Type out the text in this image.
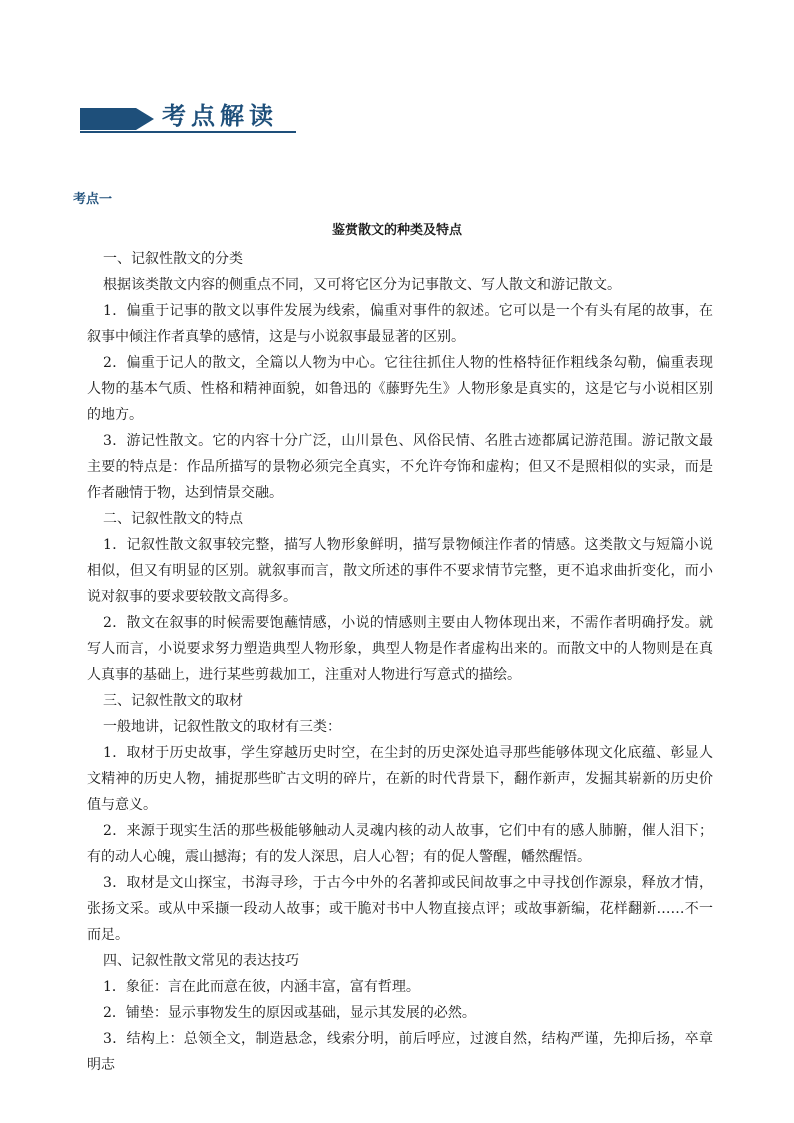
考点解读
考点一
鉴赏散文的种类及特点

一、记叙性散文的分类

根据该类散文内容的侧重点不同，又可将它区分为记事散文、写人散文和游记散文。

1．偏重于记事的散文以事件发展为线索，偏重对事件的叙述。它可以是一个有头有尾的故事，在叙事中倾注作者真挚的感情，这是与小说叙事最显著的区别。

2．偏重于记人的散文，全篇以人物为中心。它往往抓住人物的性格特征作粗线条勾勒，偏重表现人物的基本气质、性格和精神面貌，如鲁迅的《藤野先生》人物形象是真实的，这是它与小说相区别的地方。

3．游记性散文。它的内容十分广泛，山川景色、风俗民情、名胜古迹都属记游范围。游记散文最主要的特点是：作品所描写的景物必须完全真实，不允许夸饰和虚构；但又不是照相似的实录，而是作者融情于物，达到情景交融。

二、记叙性散文的特点

1．记叙性散文叙事较完整，描写人物形象鲜明，描写景物倾注作者的情感。这类散文与短篇小说相似，但又有明显的区别。就叙事而言，散文所述的事件不要求情节完整，更不追求曲折变化，而小说对叙事的要求要较散文高得多。

2．散文在叙事的时候需要饱蘸情感，小说的情感则主要由人物体现出来，不需作者明确抒发。就写人而言，小说要求努力塑造典型人物形象，典型人物是作者虚构出来的。而散文中的人物则是在真人真事的基础上，进行某些剪裁加工，注重对人物进行写意式的描绘。

三、记叙性散文的取材

一般地讲，记叙性散文的取材有三类：

1．取材于历史故事，学生穿越历史时空，在尘封的历史深处追寻那些能够体现文化底蕴、彰显人文精神的历史人物，捕捉那些旷古文明的碎片，在新的时代背景下，翻作新声，发掘其崭新的历史价值与意义。

2．来源于现实生活的那些极能够触动人灵魂内核的动人故事，它们中有的感人肺腑，催人泪下；有的动人心魄，震山撼海；有的发人深思，启人心智；有的促人警醒，幡然醒悟。

3．取材是文山探宝，书海寻珍，于古今中外的名著抑或民间故事之中寻找创作源泉，释放才情，张扬文采。或从中采撷一段动人故事；或干脆对书中人物直接点评；或故事新编，花样翻新……不一而足。

四、记叙性散文常见的表达技巧

1．象征：言在此而意在彼，内涵丰富，富有哲理。

2．铺垫：显示事物发生的原因或基础，显示其发展的必然。

3．结构上：总领全文，制造悬念，线索分明，前后呼应，过渡自然，结构严谨，先抑后扬，卒章明志
